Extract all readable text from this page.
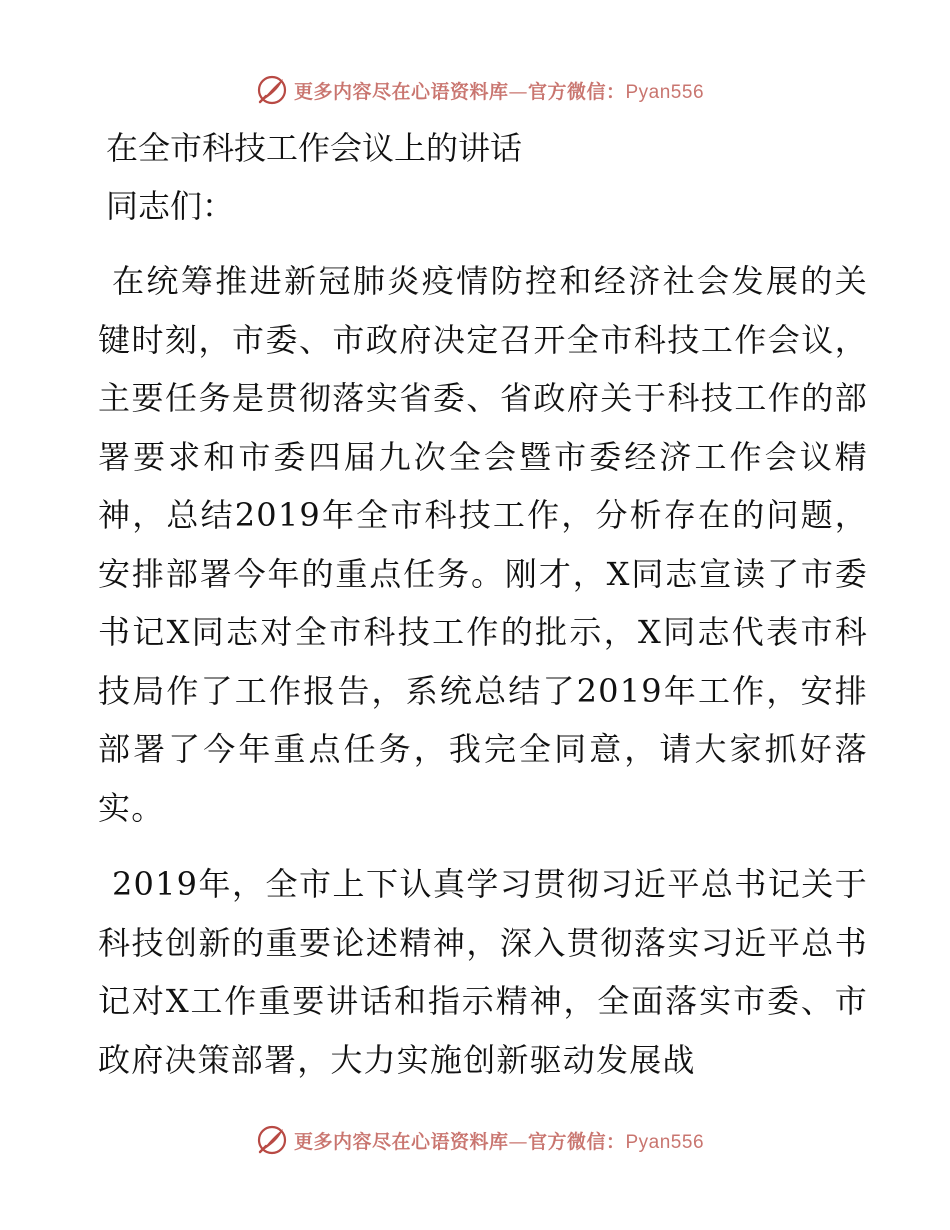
更多内容尽在心语资料库—官方微信：Pyan556
在全市科技工作会议上的讲话
同志们：

在统筹推进新冠肺炎疫情防控和经济社会发展的关键时刻，市委、市政府决定召开全市科技工作会议，主要任务是贯彻落实省委、省政府关于科技工作的部署要求和市委四届九次全会暨市委经济工作会议精神，总结2019年全市科技工作，分析存在的问题，安排部署今年的重点任务。刚才，X同志宣读了市委书记X同志对全市科技工作的批示，X同志代表市科技局作了工作报告，系统总结了2019年工作，安排部署了今年重点任务，我完全同意，请大家抓好落实。

2019年，全市上下认真学习贯彻习近平总书记关于科技创新的重要论述精神，深入贯彻落实习近平总书记对X工作重要讲话和指示精神，全面落实市委、市政府决策部署，大力实施创新驱动发展战

更多内容尽在心语资料库—官方微信：Pyan556
